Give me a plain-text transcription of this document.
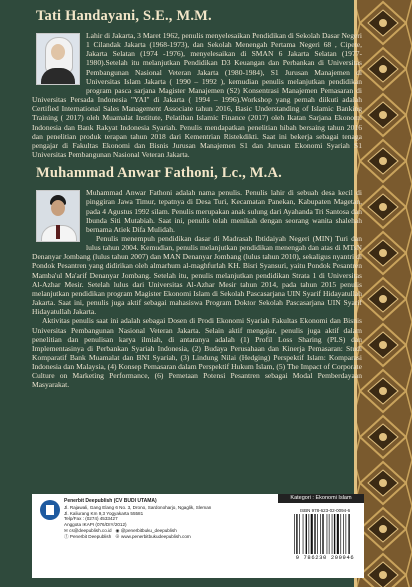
Tati Handayani, S.E., M.M.

Lahir di Jakarta, 3 Maret 1962, penulis menyelesaikan Pendidikan di Sekolah Dasar Negeri 1 Cilandak Jakarta (1968-1973), dan Sekolah Menengah Pertama Negeri 68 , Cipete, Jakarta Selatan (1974 -1976), menyelesaikan di SMAN 6 Jakarta Selatan (1977-1980).Setelah itu melanjutkan Pendidikan D3 Keuangan dan Perbankan di Universitas Pembangunan Nasional Veteran Jakarta (1980-1984), S1 Jurusan Manajemen di Universitas Islam Jakarta ( 1990 – 1992 ), kemudian penulis melanjutkan pendidikan program pasca sarjana Magister Manajemen (S2) Konsentrasi Manajemen Pemasaran di Universitas Persada Indonesia "YAI" di Jakarta ( 1994 – 1996).Workshop yang pernah diikuti adalah Certified International Sales Management Associate tahun 2016, Basic Understanding of Islamic Banking Training ( 2017) oleh Muamalat Institute, Pelatihan Islamic Finance (2017) oleh Ikatan Sarjana Ekonomi Indonesia dan Bank Rakyat Indonesia Syariah. Penulis mendapatkan penelitian hibah bersaing tahun 2016 dan penelitian produk terapan tahun 2018 dari Kementrian Ristekdikti. Saat ini bekerja sebagai tenaga pengajar di Fakultas Ekonomi dan Bisnis Jurusan Manajemen S1 dan Jurusan Ekonomi Syariah S1 Universitas Pembangunan Nasional Veteran Jakarta.

Muhammad Anwar Fathoni, Lc., M.A.

Muhammad Anwar Fathoni adalah nama penulis. Penulis lahir di sebuah desa kecil di pinggiran Jawa Timur, tepatnya di Desa Turi, Kecamatan Panekan, Kabupaten Magetan, pada 4 Agustus 1992 silam. Penulis merupakan anak sulung dari Ayahanda Tri Santosa dan Ibunda Siti Mutabiah. Saat ini, penulis telah menikah dengan seorang wanita shalehah bernama Atiek Difa Mulidah.

Penulis menempuh pendidikan dasar di Madrasah Ibtidaiyah Negeri (MIN) Turi dan lulus tahun 2004. Kemudian, penulis melanjutkan pendidikan menengah dan atas di MTsN Denanyar Jombang (lulus tahun 2007) dan MAN Denanyar Jombang (lulus tahun 2010), sekaligus nyantri di Pondok Pesantren yang didirikan oleh almarhum al-maghfurlah KH. Bisri Syansuri, yaitu Pondok Pesantren Mamba'ul Ma'arif Denanyar Jombang. Setelah itu, penulis melanjutkan pendidikan Strata 1 di Universitas Al-Azhar Mesir. Setelah lulus dari Universitas Al-Azhar Mesir tahun 2014, pada tahun 2015 penulis melanjutkan pendidikan program Magister Ekonomi Islam di Sekolah Pascasarjana UIN Syarif Hidayatullah Jakarta. Saat ini, penulis juga aktif sebagai mahasiswa Program Doktor Sekolah Pascasarjana UIN Syarif Hidayatullah Jakarta.

Aktivitas penulis saat ini adalah sebagai Dosen di Prodi Ekonomi Syariah Fakultas Ekonomi dan Bisnis Universitas Pembangunan Nasional Veteran Jakarta. Selain aktif mengajar, penulis juga aktif dalam penelitian dan penulisan karya ilmiah, di antaranya adalah (1) Profil Loss Sharing (PLS) dan Implementasinya di Perbankan Syariah Indonesia, (2) Budaya Perusahaan dan Kinerja Pemasaran: Studi Komparatif Bank Muamalat dan BNI Syariah, (3) Lindung Nilai (Hedging) Perspektif Islam: Komparasi Indonesia dan Malaysia, (4) Konsep Pemasaran dalam Perspektif Hukum Islam, (5) The Impact of Corporate Culture on Marketing Performance, (6) Pemetaan Potensi Pesantren sebagai Modal Pemberdayaan Masyarakat.

Penerbit Deepublish (CV BUDI UTAMA)
Jl. Rajawali, Gang Elang 6 No. 3, Drono, Sardonoharjo, Ngaglik, Sleman
Jl. Kaliurang Km 9,3 Yogyakarta 55581
Telp/Fax : (0274) 4533427
Anggota IKAPI (076/DIY/2012)
✉ cs@deepublish.co.id ◉ @penerbitbuku_deepublish
ⓕ Penerbit Deepublish ⊕ www.penerbitbukudeepublish.com
Kategori : Ekonomi Islam
ISBN 978-623-02-0094-6
9 786230 200946
